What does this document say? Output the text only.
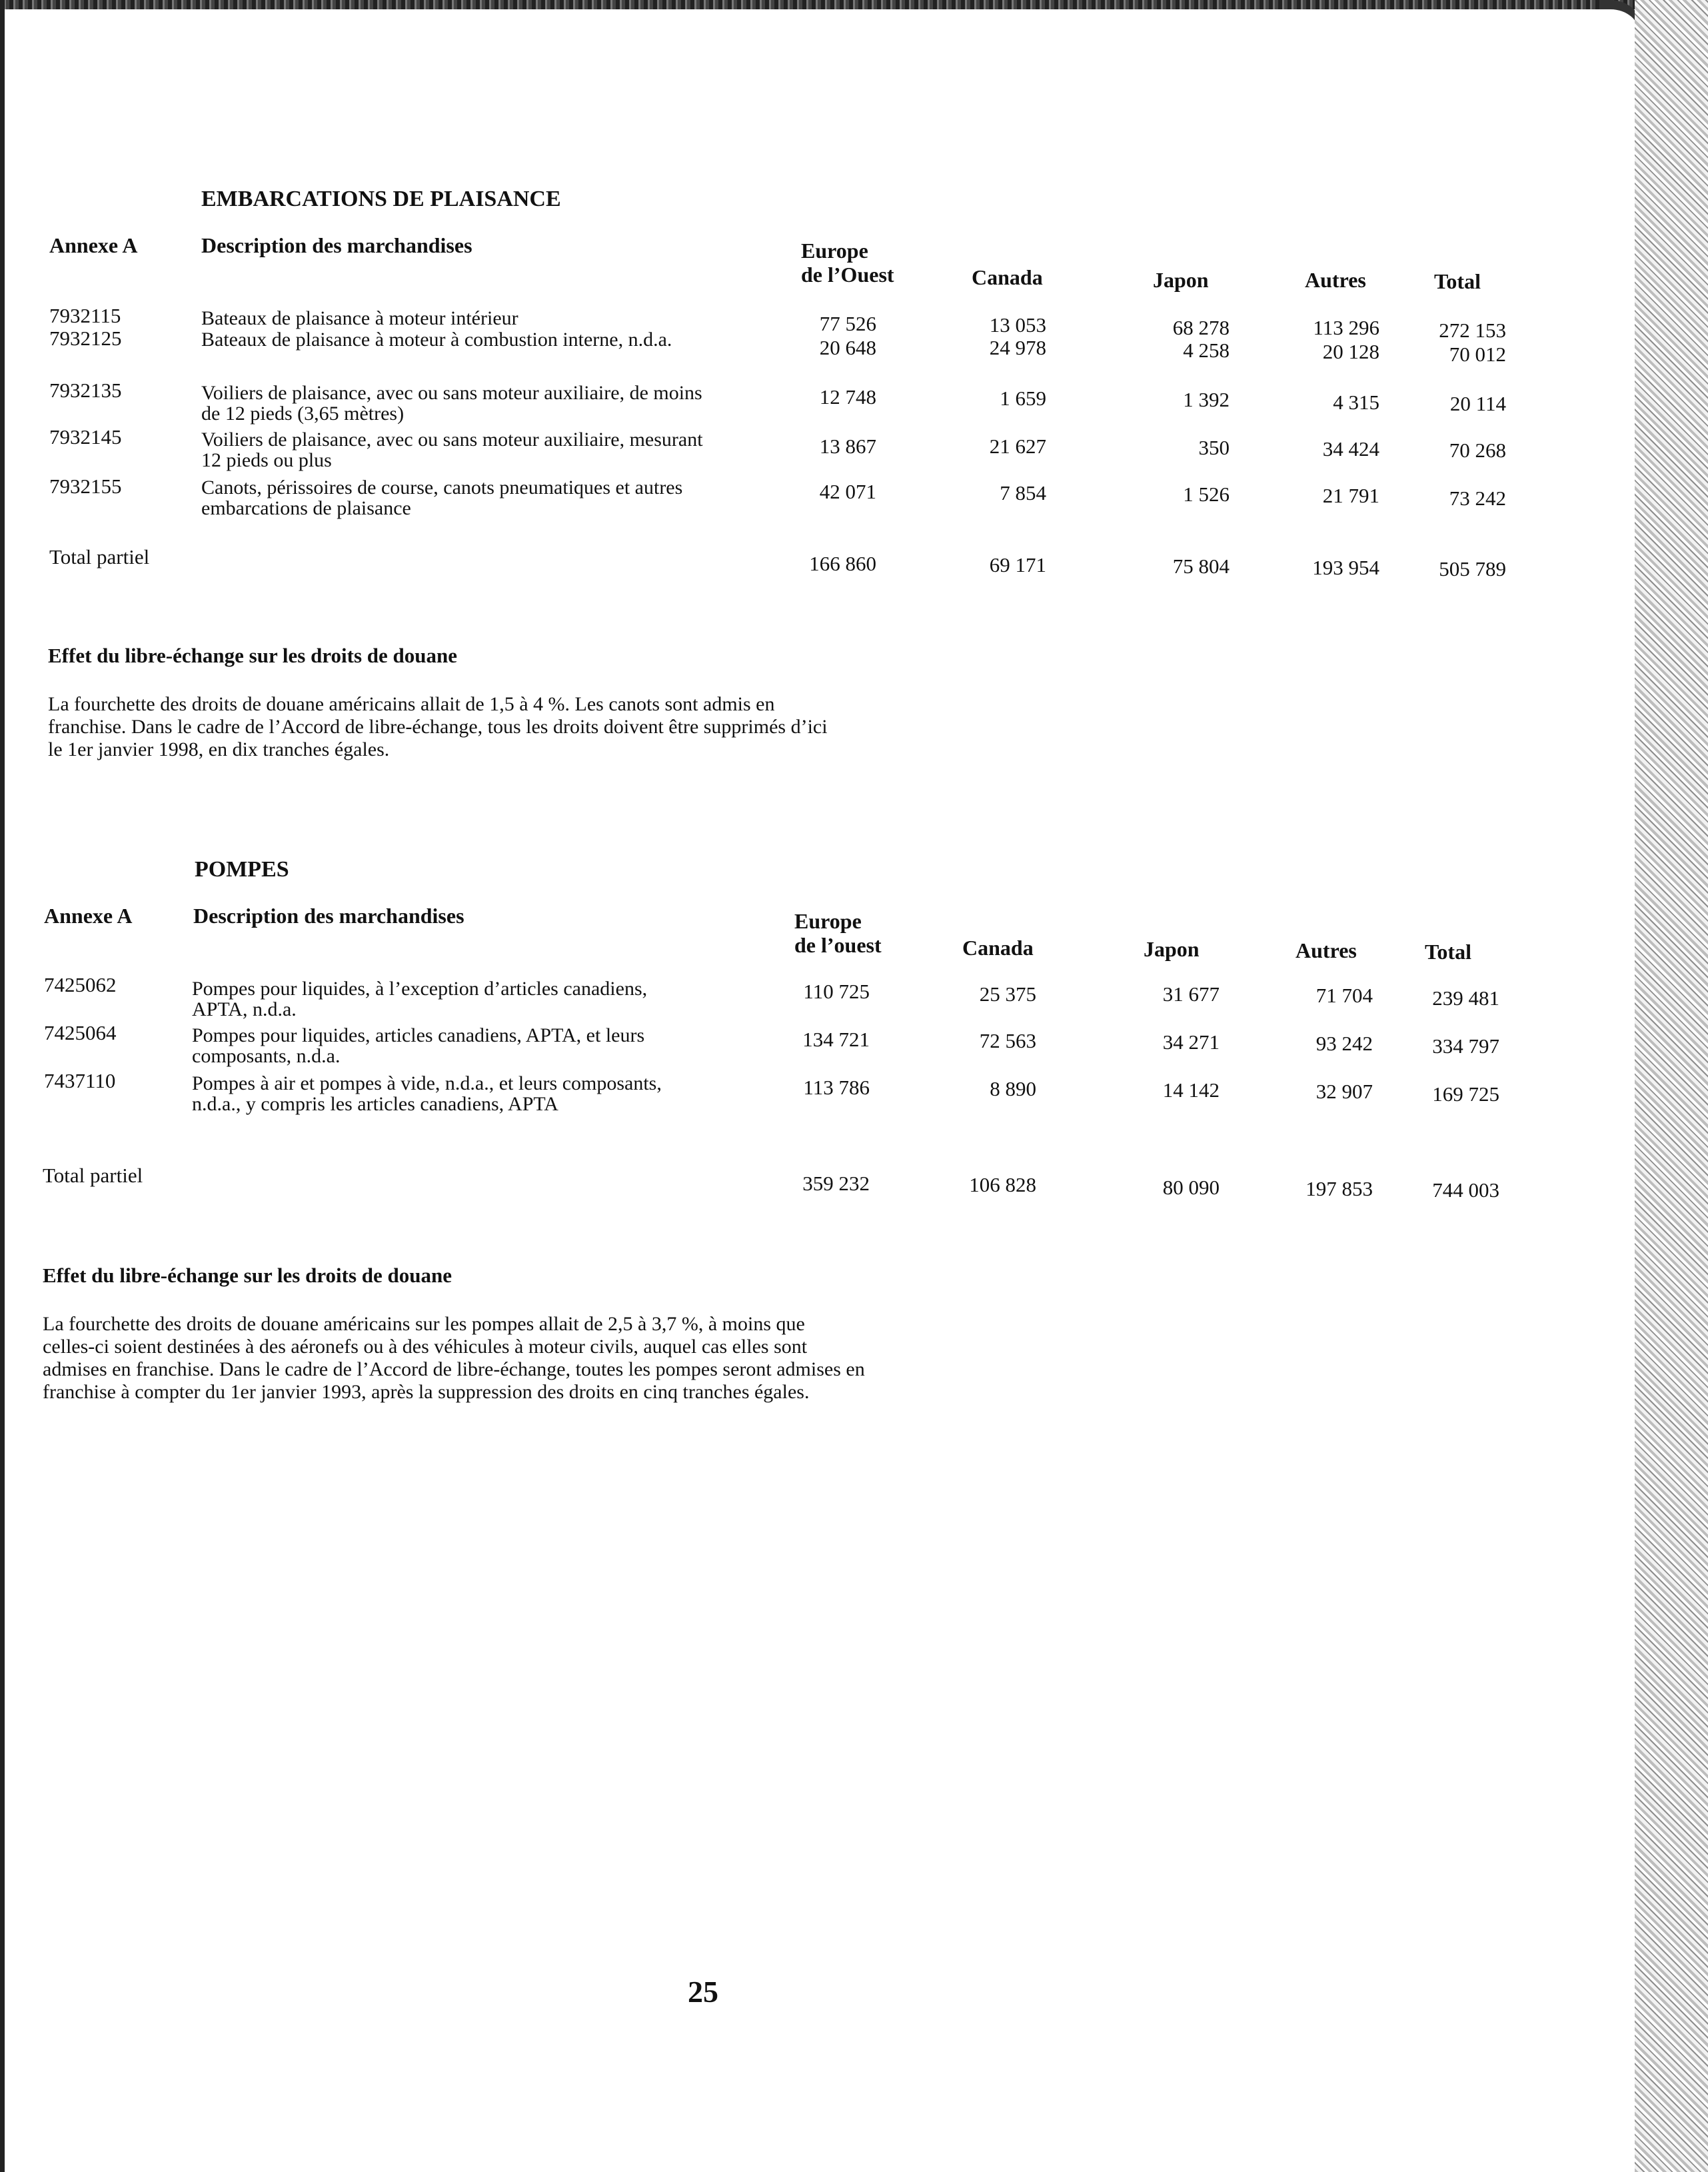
EMBARCATIONS DE PLAISANCE
Annexe A	Description des marchandises	Europe
de l’Ouest	Canada	Japon	Autres	Total
7932115	Bateaux de plaisance à moteur intérieur	77 526	13 053	68 278	113 296	272 153
7932125	Bateaux de plaisance à moteur à combustion interne, n.d.a.	20 648	24 978	4 258	20 128	70 012
7932135	Voiliers de plaisance, avec ou sans moteur auxiliaire, de moins de 12 pieds (3,65 mètres)
12 748	1 659	1 392	4 315	20 114
7932145	Voiliers de plaisance, avec ou sans moteur auxiliaire, mesurant 12 pieds ou plus
13 867	21 627	350	34 424	70 268
7932155	Canots, périssoires de course, canots pneumatiques et autres embarcations de plaisance
42 071	7 854	1 526	21 791	73 242
Total partiel	166 860	69 171	75 804	193 954	505 789
Effet du libre-échange sur les droits de douane
La fourchette des droits de douane américains allait de 1,5 à 4 %. Les canots sont admis en
franchise. Dans le cadre de l’Accord de libre-échange, tous les droits doivent être supprimés d’ici
le 1er janvier 1998, en dix tranches égales.
POMPES
Annexe A	Description des marchandises	Europe
de l’ouest	Canada	Japon	Autres	Total
7425062	Pompes pour liquides, à l’exception d’articles canadiens, APTA, n.d.a.
110 725	25 375	31 677	71 704	239 481
7425064	Pompes pour liquides, articles canadiens, APTA, et leurs composants, n.d.a.
134 721	72 563	34 271	93 242	334 797
7437110	Pompes à air et pompes à vide, n.d.a., et leurs composants, n.d.a., y compris les articles canadiens, APTA
113 786	8 890	14 142	32 907	169 725
Total partiel	359 232	106 828	80 090	197 853	744 003
Effet du libre-échange sur les droits de douane
La fourchette des droits de douane américains sur les pompes allait de 2,5 à 3,7 %, à moins que
celles-ci soient destinées à des aéronefs ou à des véhicules à moteur civils, auquel cas elles sont
admises en franchise. Dans le cadre de l’Accord de libre-échange, toutes les pompes seront admises en
franchise à compter du 1er janvier 1993, après la suppression des droits en cinq tranches égales.
25
